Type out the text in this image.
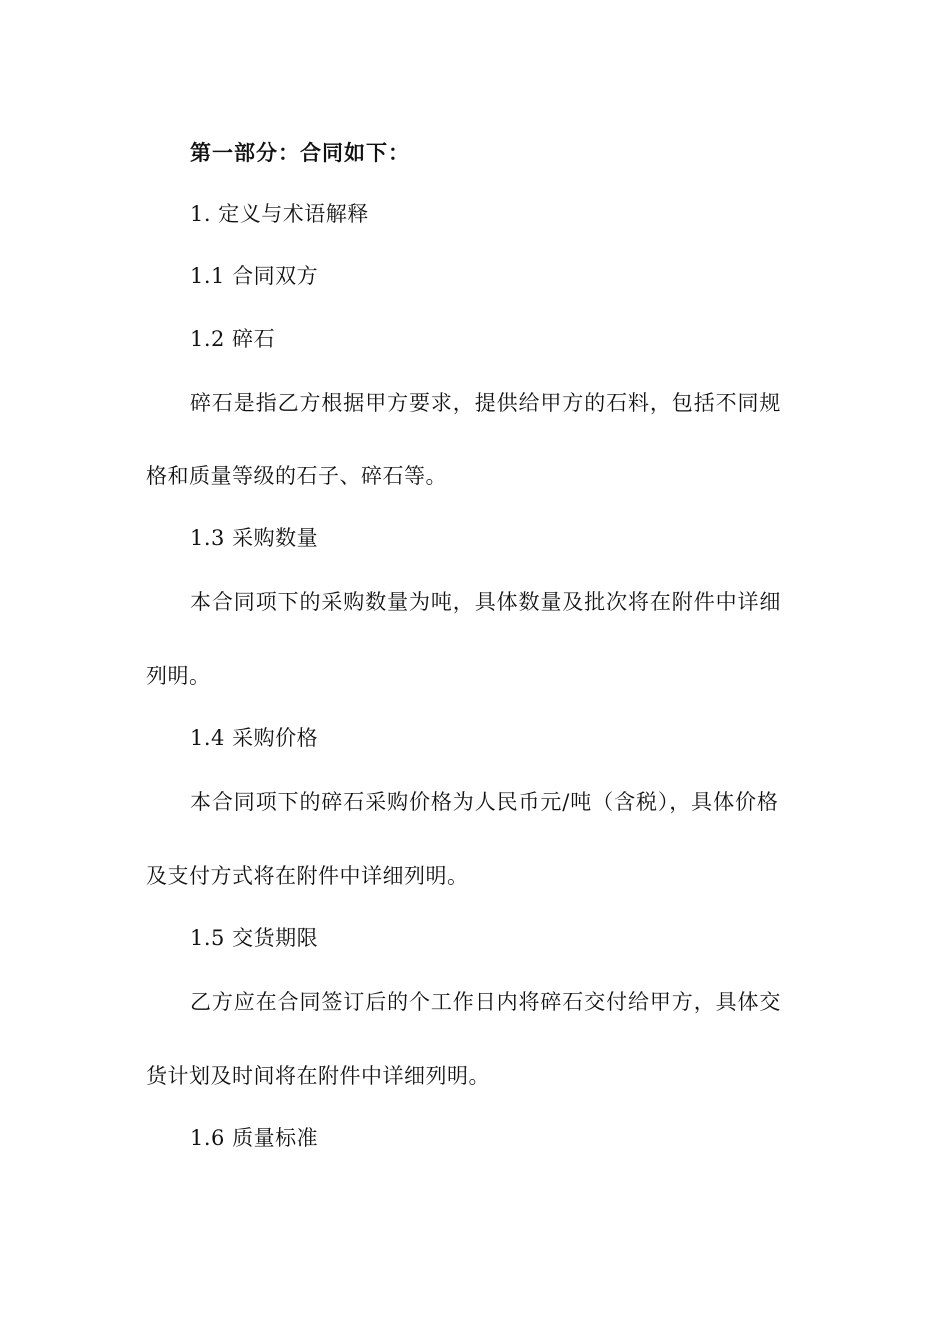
第一部分：合同如下：
1. 定义与术语解释
1.1 合同双方
1.2 碎石
碎石是指乙方根据甲方要求，提供给甲方的石料，包括不同规
格和质量等级的石子、碎石等。
1.3 采购数量
本合同项下的采购数量为吨，具体数量及批次将在附件中详细
列明。
1.4 采购价格
本合同项下的碎石采购价格为人民币元/吨（含税），具体价格
及支付方式将在附件中详细列明。
1.5 交货期限
乙方应在合同签订后的个工作日内将碎石交付给甲方，具体交
货计划及时间将在附件中详细列明。
1.6 质量标准
